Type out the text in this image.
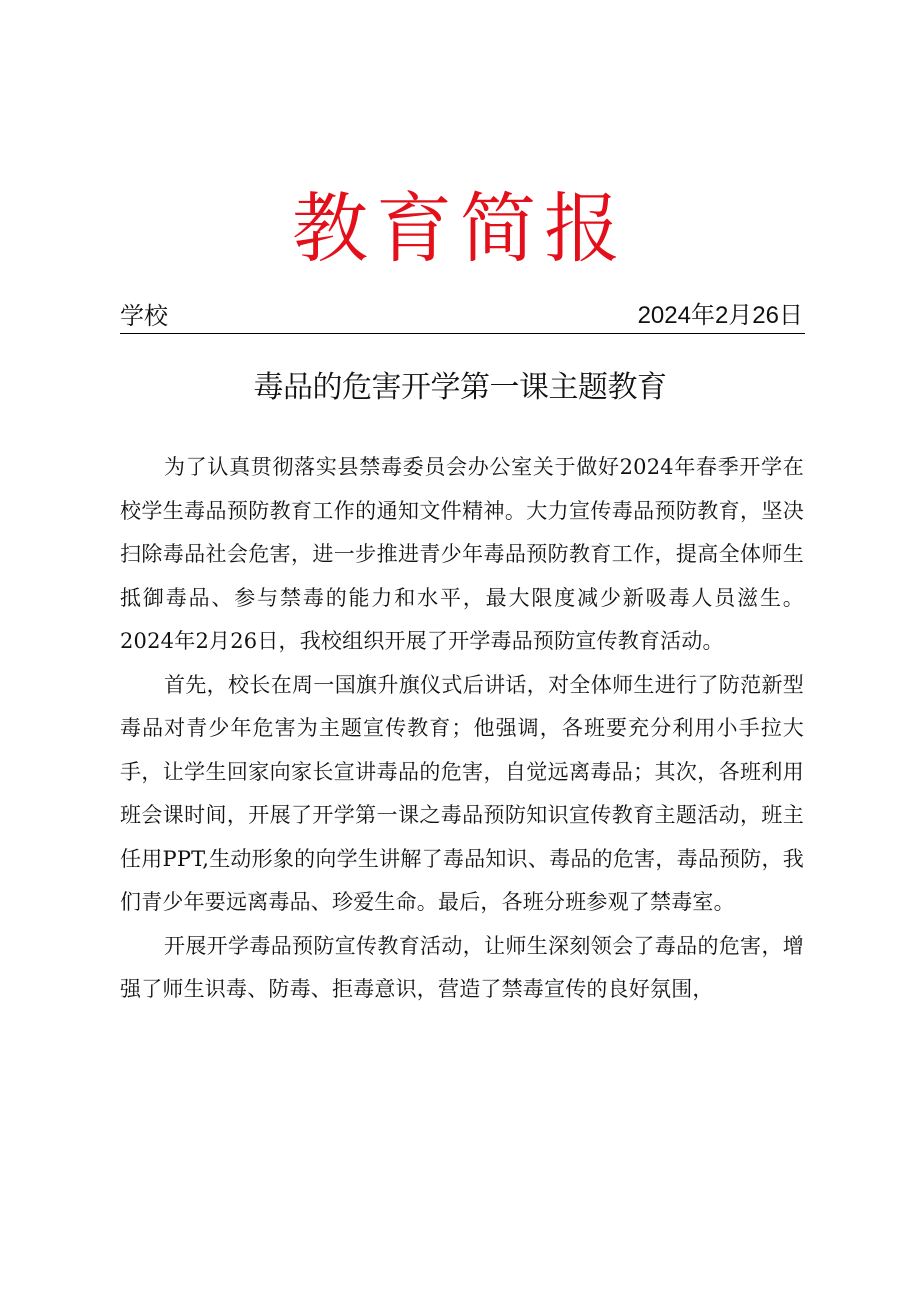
教育简报
学校	2024年2月26日
毒品的危害开学第一课主题教育

为了认真贯彻落实县禁毒委员会办公室关于做好2024年春季开学在校学生毒品预防教育工作的通知文件精神。大力宣传毒品预防教育，坚决扫除毒品社会危害，进一步推进青少年毒品预防教育工作，提高全体师生抵御毒品、参与禁毒的能力和水平，最大限度减少新吸毒人员滋生。2024年2月26日，我校组织开展了开学毒品预防宣传教育活动。

首先，校长在周一国旗升旗仪式后讲话，对全体师生进行了防范新型毒品对青少年危害为主题宣传教育；他强调，各班要充分利用小手拉大手，让学生回家向家长宣讲毒品的危害，自觉远离毒品；其次，各班利用班会课时间，开展了开学第一课之毒品预防知识宣传教育主题活动，班主任用PPT,生动形象的向学生讲解了毒品知识、毒品的危害，毒品预防，我们青少年要远离毒品、珍爱生命。最后，各班分班参观了禁毒室。

开展开学毒品预防宣传教育活动，让师生深刻领会了毒品的危害，增强了师生识毒、防毒、拒毒意识，营造了禁毒宣传的良好氛围，
